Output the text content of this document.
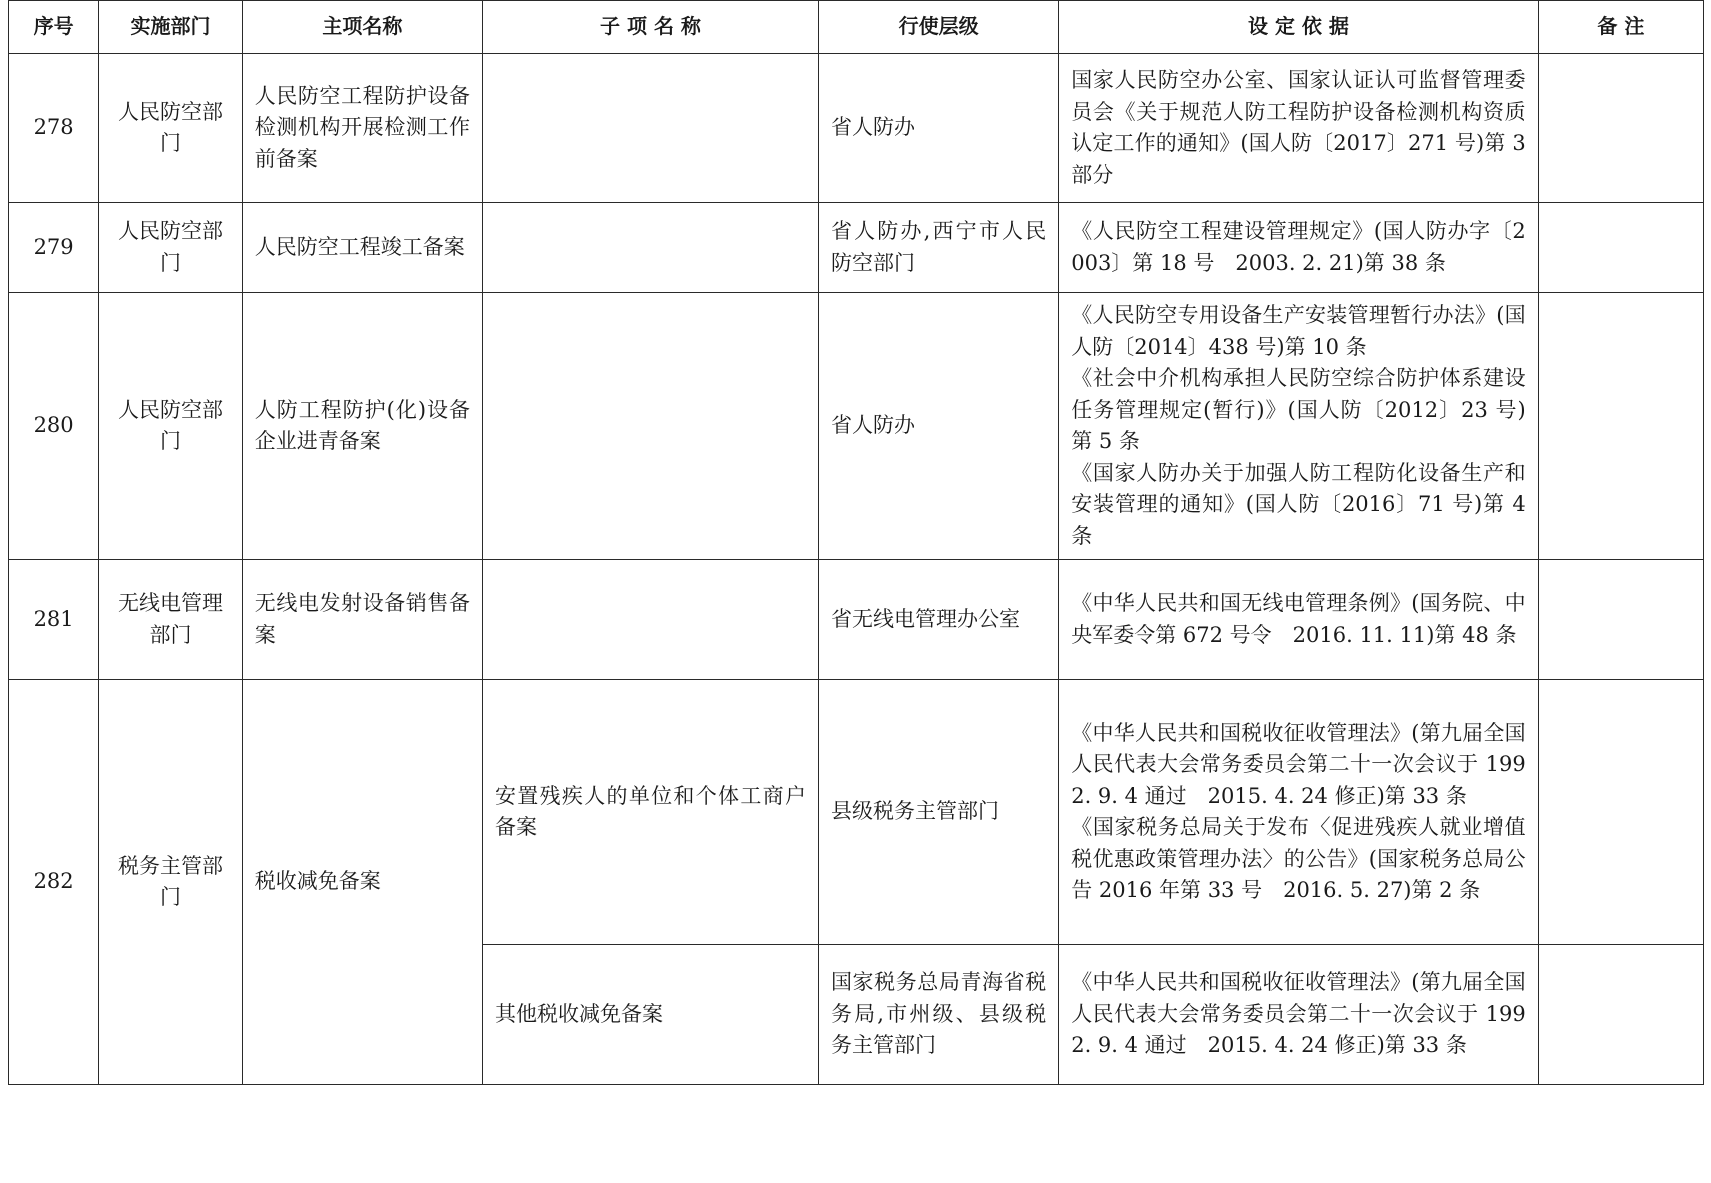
序号	实施部门	主项名称	子 项 名 称	行使层级	设 定 依 据	备 注
278	人民防空部门	人民防空工程防护设备检测机构开展检测工作前备案		省人防办	国家人民防空办公室、国家认证认可监督管理委员会《关于规范人防工程防护设备检测机构资质认定工作的通知》(国人防〔2017〕271 号)第 3 部分	

279	人民防空部门	人民防空工程竣工备案		省人防办,西宁市人民防空部门	《人民防空工程建设管理规定》(国人防办字〔2003〕第 18 号　2003. 2. 21)第 38 条	

280	人民防空部门	人防工程防护(化)设备企业进青备案		省人防办	《人民防空专用设备生产安装管理暂行办法》(国人防〔2014〕438 号)第 10 条
《社会中介机构承担人民防空综合防护体系建设任务管理规定(暂行)》(国人防〔2012〕23 号)第 5 条
《国家人防办关于加强人防工程防化设备生产和安装管理的通知》(国人防〔2016〕71 号)第 4 条	

281	无线电管理部门	无线电发射设备销售备案		省无线电管理办公室	《中华人民共和国无线电管理条例》(国务院、中央军委令第 672 号令　2016. 11. 11)第 48 条	

282	税务主管部门	税收减免备案	安置残疾人的单位和个体工商户备案	县级税务主管部门	《中华人民共和国税收征收管理法》(第九届全国人民代表大会常务委员会第二十一次会议于 1992. 9. 4 通过　2015. 4. 24 修正)第 33 条
《国家税务总局关于发布〈促进残疾人就业增值税优惠政策管理办法〉的公告》(国家税务总局公告 2016 年第 33 号　2016. 5. 27)第 2 条	

			其他税收减免备案	国家税务总局青海省税务局,市州级、县级税务主管部门	《中华人民共和国税收征收管理法》(第九届全国人民代表大会常务委员会第二十一次会议于 1992. 9. 4 通过　2015. 4. 24 修正)第 33 条	
